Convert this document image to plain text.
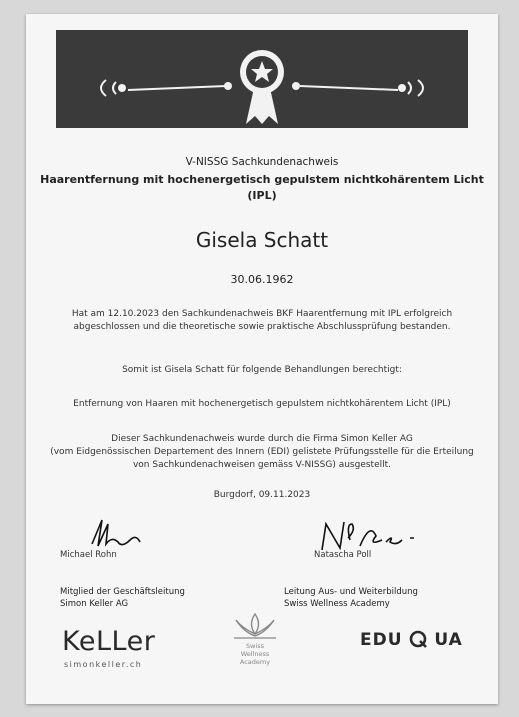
V-NISSG Sachkundenachweis
Haarentfernung mit hochenergetisch gepulstem nichtkohärentem Licht
(IPL)
Gisela Schatt
30.06.1962
Hat am 12.10.2023 den Sachkundenachweis BKF Haarentfernung mit IPL erfolgreich
abgeschlossen und die theoretische sowie praktische Abschlussprüfung bestanden.
Somit ist Gisela Schatt für folgende Behandlungen berechtigt:
Entfernung von Haaren mit hochenergetisch gepulstem nichtkohärentem Licht (IPL)
Dieser Sachkundenachweis wurde durch die Firma Simon Keller AG
(vom Eidgenössischen Departement des Innern (EDI) gelistete Prüfungsstelle für die Erteilung
von Sachkundenachweisen gemäss V-NISSG) ausgestellt.
Burgdorf, 09.11.2023
Michael Rohn
Mitglied der Geschäftsleitung
Simon Keller AG
Natascha Poll
Leitung Aus- und Weiterbildung
Swiss Wellness Academy
KeLLer
simonkeller.ch
Swiss
Wellness
Academy
EDU UA
